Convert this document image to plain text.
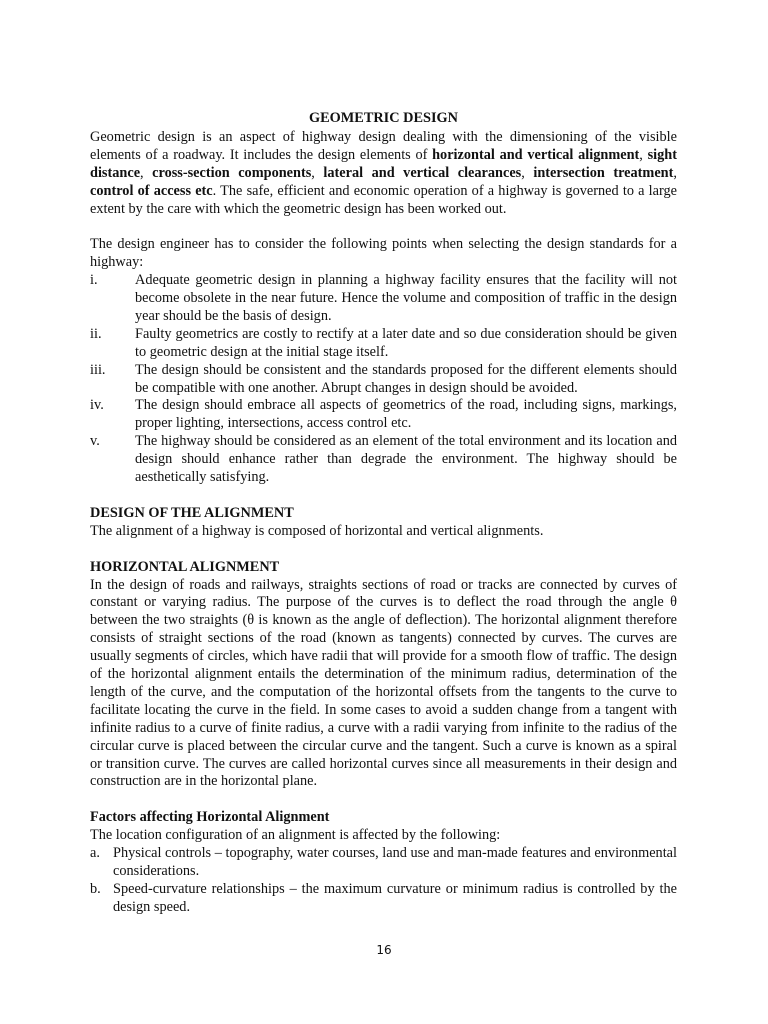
GEOMETRIC DESIGN

Geometric design is an aspect of highway design dealing with the dimensioning of the visible elements of a roadway. It includes the design elements of horizontal and vertical alignment, sight distance, cross-section components, lateral and vertical clearances, intersection treatment, control of access etc. The safe, efficient and economic operation of a highway is governed to a large extent by the care with which the geometric design has been worked out.

The design engineer has to consider the following points when selecting the design standards for a highway:

i.	Adequate geometric design in planning a highway facility ensures that the facility will not become obsolete in the near future. Hence the volume and composition of traffic in the design year should be the basis of design.
ii.	Faulty geometrics are costly to rectify at a later date and so due consideration should be given to geometric design at the initial stage itself.
iii.	The design should be consistent and the standards proposed for the different elements should be compatible with one another. Abrupt changes in design should be avoided.
iv.	The design should embrace all aspects of geometrics of the road, including signs, markings, proper lighting, intersections, access control etc.
v.	The highway should be considered as an element of the total environment and its location and design should enhance rather than degrade the environment. The highway should be aesthetically satisfying.
DESIGN OF THE ALIGNMENT

The alignment of a highway is composed of horizontal and vertical alignments.

HORIZONTAL ALIGNMENT

In the design of roads and railways, straights sections of road or tracks are connected by curves of constant or varying radius. The purpose of the curves is to deflect the road through the angle θ between the two straights (θ is known as the angle of deflection). The horizontal alignment therefore consists of straight sections of the road (known as tangents) connected by curves. The curves are usually segments of circles, which have radii that will provide for a smooth flow of traffic. The design of the horizontal alignment entails the determination of the minimum radius, determination of the length of the curve, and the computation of the horizontal offsets from the tangents to the curve to facilitate locating the curve in the field. In some cases to avoid a sudden change from a tangent with infinite radius to a curve of finite radius, a curve with a radii varying from infinite to the radius of the circular curve is placed between the circular curve and the tangent. Such a curve is known as a spiral or transition curve. The curves are called horizontal curves since all measurements in their design and construction are in the horizontal plane.

Factors affecting Horizontal Alignment

The location configuration of an alignment is affected by the following:

a. Physical controls – topography, water courses, land use and man-made features and environmental considerations.
b. Speed-curvature relationships – the maximum curvature or minimum radius is controlled by the design speed.
16
